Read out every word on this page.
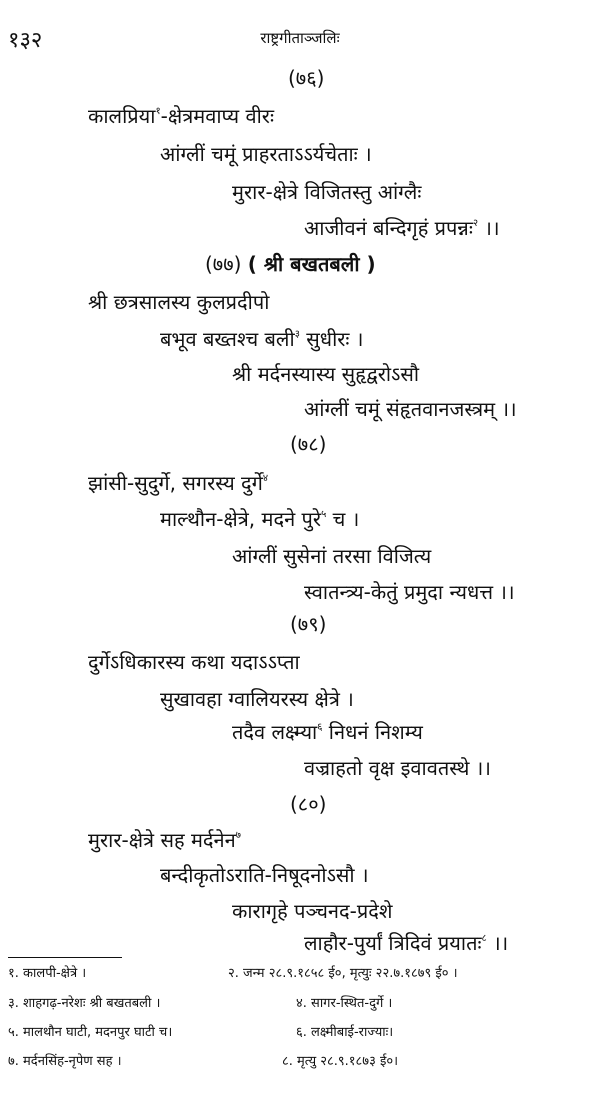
१३२	राष्ट्रगीताञ्जलिः
(७६)
कालप्रिया$^१$-क्षेत्रमवाप्य वीरः
आंग्लीं चमूं प्राहरताऽऽर्यचेताः ।
मुरार-क्षेत्रे विजितस्तु आंग्लैः
आजीवनं बन्दिगृहं प्रपन्नः$^२$ ।।
(७७) ( श्री बखतबली )
श्री छत्रसालस्य कुलप्रदीपो
बभूव बख्तश्च बली$^३$ सुधीरः ।
श्री मर्दनस्यास्य सुहृद्वरोऽसौ
आंग्लीं चमूं संहृतवानजस्त्रम् ।।
(७८)
झांसी-सुदुर्गे, सगरस्य दुर्गे$^४$
माल्थौन-क्षेत्रे, मदने पुरे$^५$ च ।
आंग्लीं सुसेनां तरसा विजित्य
स्वातन्त्र्य-केतुं प्रमुदा न्यधत्त ।।
(७९)
दुर्गेऽधिकारस्य कथा यदाऽऽप्ता
सुखावहा ग्वालियरस्य क्षेत्रे ।
तदैव लक्ष्म्या$^६$ निधनं निशम्य
वज्राहतो वृक्ष इवावतस्थे ।।
(८०)
मुरार-क्षेत्रे सह मर्दनेन$^७$
बन्दीकृतोऽराति-निषूदनोऽसौ ।
कारागृहे पञ्चनद-प्रदेशे
लाहौर-पुर्यां त्रिदिवं प्रयातः$^८$ ।।
१. कालपी-क्षेत्रे ।	२. जन्म २८.९.१८५८ ई०, मृत्युः २२.७.१८७९ ई० ।
३. शाहगढ़-नरेशः श्री बखतबली ।	४. सागर-स्थित-दुर्गे ।
५. मालथौन घाटी, मदनपुर घाटी च।	६. लक्ष्मीबाई-राज्याः।
७. मर्दनसिंह-नृपेण सह ।	८. मृत्यु २८.९.१८७३ ई०।
